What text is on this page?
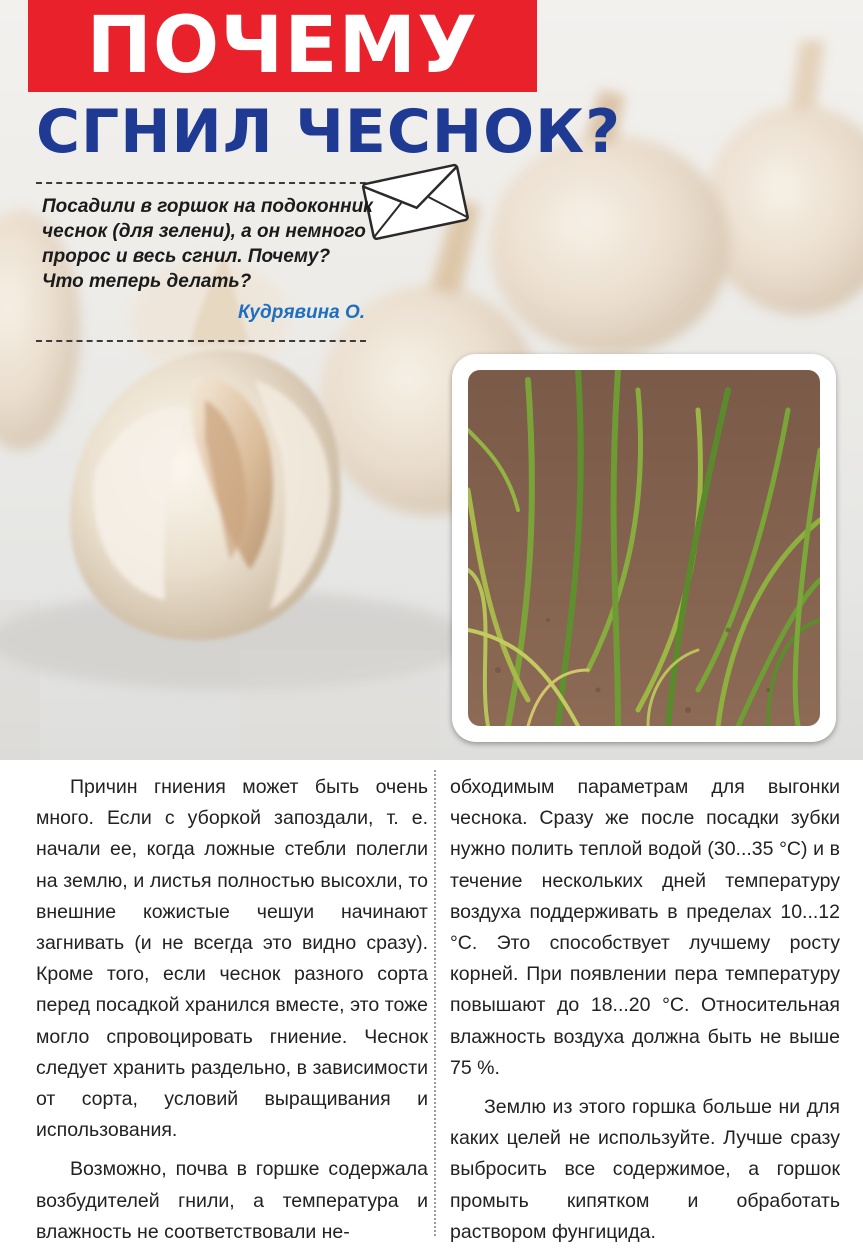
ПОЧЕМУ
СГНИЛ ЧЕСНОК?
Посадили в горшок на подоконник чеснок (для зелени), а он немного пророс и весь сгнил. Почему? Что теперь делать?
Кудрявина О.

Причин гниения может быть очень много. Если с уборкой запоздали, т. е. начали ее, когда ложные стебли полегли на землю, и листья полностью высохли, то внешние кожистые чешуи начинают загнивать (и не всегда это видно сразу). Кроме того, если чеснок разного сорта перед посадкой хранился вместе, это тоже могло спровоцировать гниение. Чеснок следует хранить раздельно, в зависимости от сорта, условий выращивания и использования.

Возможно, почва в горшке содержала возбудителей гнили, а температура и влажность не соответствовали не-

обходимым параметрам для выгонки чеснока. Сразу же после посадки зубки нужно полить теплой водой (30...35 °С) и в течение нескольких дней температуру воздуха поддерживать в пределах 10...12 °С. Это способствует лучшему росту корней. При появлении пера температуру повышают до 18...20 °С. Относительная влажность воздуха должна быть не выше 75 %.

Землю из этого горшка больше ни для каких целей не используйте. Лучше сразу выбросить все содержимое, а горшок промыть кипятком и обработать раствором фунгицида.
